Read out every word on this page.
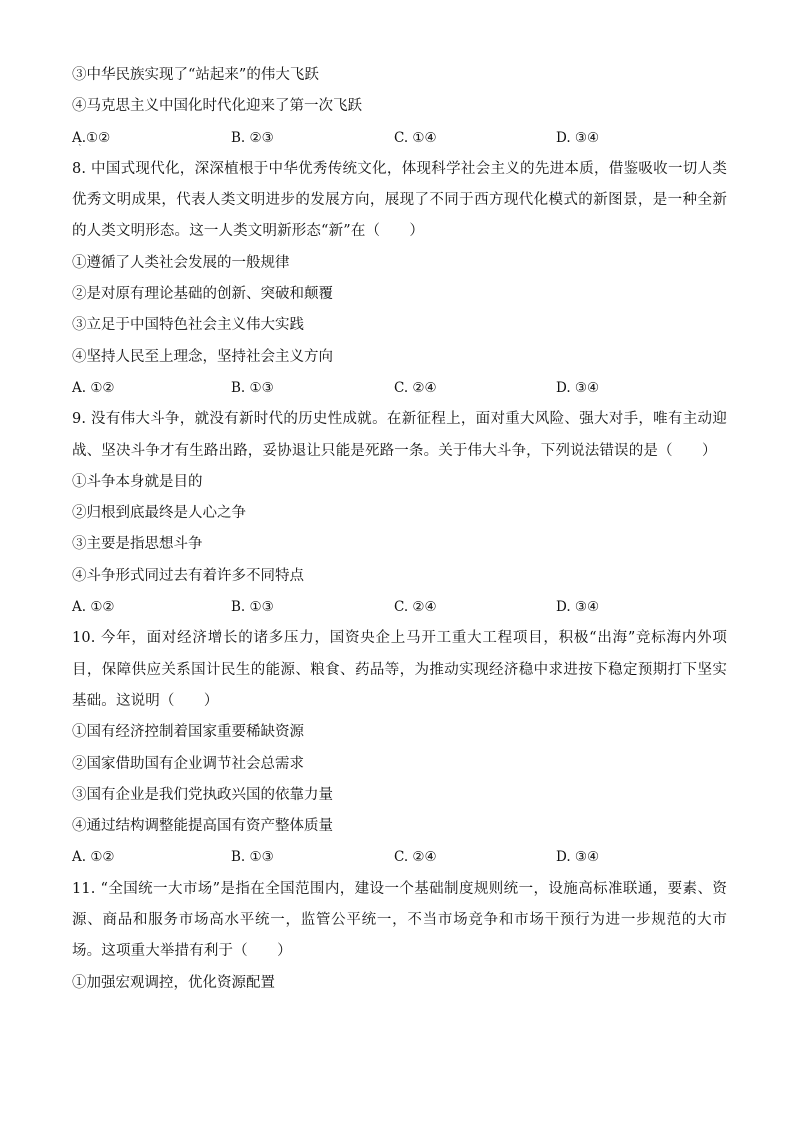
③中华民族实现了“站起来”的伟大飞跃
④马克思主义中国化时代化迎来了第一次飞跃
A.①②	B. ②③	C. ①④	D. ③④
ˋ
8. 中国式现代化，深深植根于中华优秀传统文化，体现科学社会主义的先进本质，借鉴吸收一切人类优秀文明成果，代表人类文明进步的发展方向，展现了不同于西方现代化模式的新图景，是一种全新的人类文明形态。这一人类文明新形态“新”在（　　）
①遵循了人类社会发展的一般规律
②是对原有理论基础的创新、突破和颠覆
③立足于中国特色社会主义伟大实践
④坚持人民至上理念，坚持社会主义方向
A. ①②	B. ①③	C. ②④	D. ③④
9. 没有伟大斗争，就没有新时代的历史性成就。在新征程上，面对重大风险、强大对手，唯有主动迎战、坚决斗争才有生路出路，妥协退让只能是死路一条。关于伟大斗争，下列说法错误的是（　　）
①斗争本身就是目的
②归根到底最终是人心之争
③主要是指思想斗争
④斗争形式同过去有着许多不同特点
A. ①②	B. ①③	C. ②④	D. ③④
10. 今年，面对经济增长的诸多压力，国资央企上马开工重大工程项目，积极“出海”竞标海内外项目，保障供应关系国计民生的能源、粮食、药品等，为推动实现经济稳中求进按下稳定预期打下坚实基础。这说明（　　）
①国有经济控制着国家重要稀缺资源
②国家借助国有企业调节社会总需求
③国有企业是我们党执政兴国的依靠力量
④通过结构调整能提高国有资产整体质量
A. ①②	B. ①③	C. ②④	D. ③④
11. “全国统一大市场”是指在全国范围内，建设一个基础制度规则统一，设施高标准联通，要素、资源、商品和服务市场高水平统一，监管公平统一，不当市场竞争和市场干预行为进一步规范的大市场。这项重大举措有利于（　　）
①加强宏观调控，优化资源配置
